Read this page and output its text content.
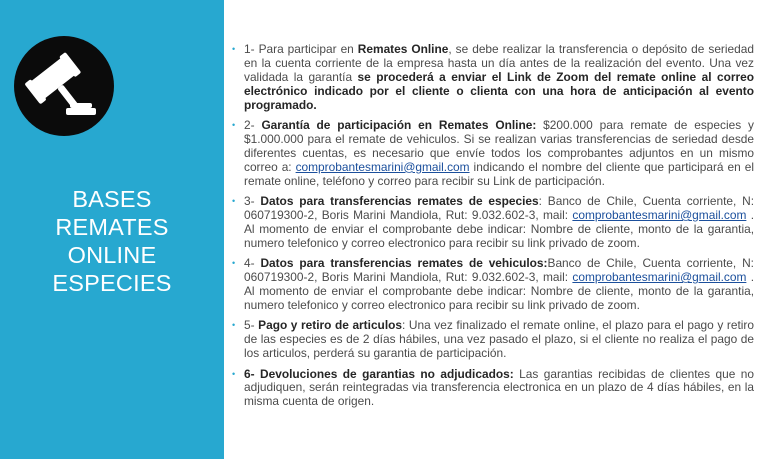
BASES
REMATES
ONLINE
ESPECIES
• 1- Para participar en Remates Online, se debe realizar la transferencia o depósito de seriedad en la cuenta corriente de la empresa hasta un día antes de la realización del evento. Una vez validada la garantía se procederá a enviar el Link de Zoom del remate online al correo electrónico indicado por el cliente o clienta con una hora de anticipación al evento programado.
• 2- Garantía de participación en Remates Online: $200.000 para remate de especies y $1.000.000 para el remate de vehiculos. Si se realizan varias transferencias de seriedad desde diferentes cuentas, es necesario que envíe todos los comprobantes adjuntos en un mismo correo a: comprobantesmarini@gmail.com indicando el nombre del cliente que participará en el remate online, teléfono y correo para recibir su Link de participación.
• 3- Datos para transferencias remates de especies: Banco de Chile, Cuenta corriente, N: 060719300-2, Boris Marini Mandiola, Rut: 9.032.602-3, mail: comprobantesmarini@gmail.com . Al momento de enviar el comprobante debe indicar: Nombre de cliente, monto de la garantia, numero telefonico y correo electronico para recibir su link privado de zoom.
• 4- Datos para transferencias remates de vehiculos:Banco de Chile, Cuenta corriente, N: 060719300-2, Boris Marini Mandiola, Rut: 9.032.602-3, mail: comprobantesmarini@gmail.com . Al momento de enviar el comprobante debe indicar: Nombre de cliente, monto de la garantia, numero telefonico y correo electronico para recibir su link privado de zoom.
• 5- Pago y retiro de articulos: Una vez finalizado el remate online, el plazo para el pago y retiro de las especies es de 2 días hábiles, una vez pasado el plazo, si el cliente no realiza el pago de los articulos, perderá su garantia de participación.
• 6- Devoluciones de garantias no adjudicados: Las garantias recibidas de clientes que no adjudiquen, serán reintegradas via transferencia electronica en un plazo de 4 días hábiles, en la misma cuenta de origen.
